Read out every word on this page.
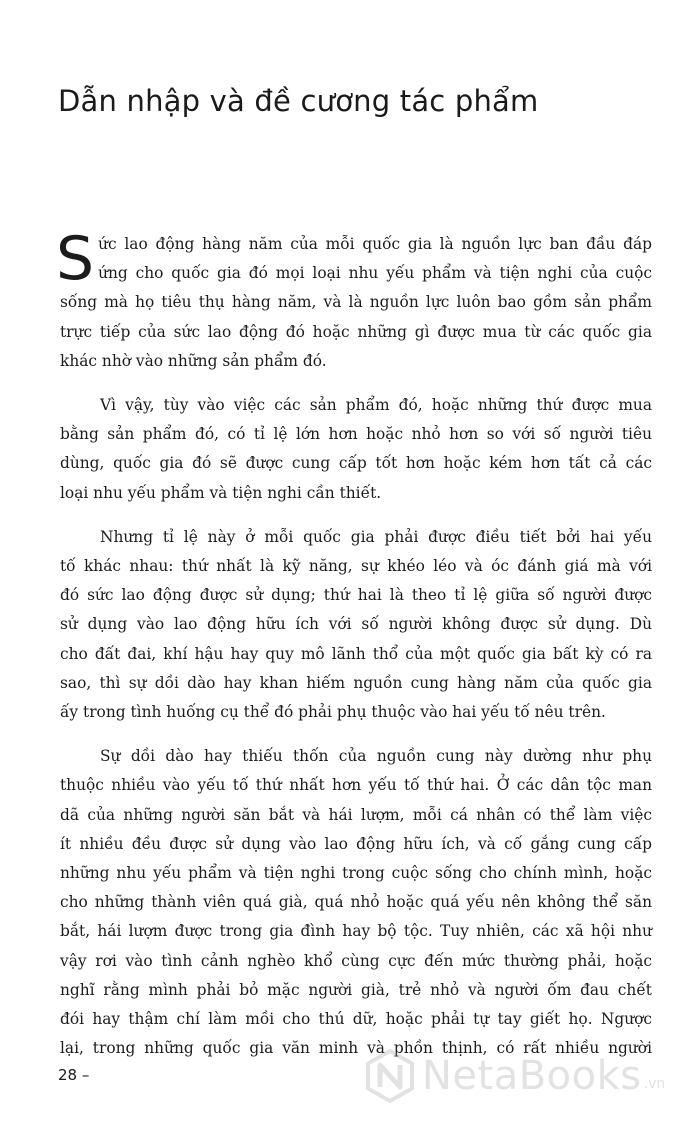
Dẫn nhập và đề cương tác phẩm

S ức lao động hàng năm của mỗi quốc gia là nguồn lực ban đầu đáp
ứng cho quốc gia đó mọi loại nhu yếu phẩm và tiện nghi của cuộc
sống mà họ tiêu thụ hàng năm, và là nguồn lực luôn bao gồm sản phẩm
trực tiếp của sức lao động đó hoặc những gì được mua từ các quốc gia
khác nhờ vào những sản phẩm đó.

Vì vậy, tùy vào việc các sản phẩm đó, hoặc những thứ được mua
bằng sản phẩm đó, có tỉ lệ lớn hơn hoặc nhỏ hơn so với số người tiêu
dùng, quốc gia đó sẽ được cung cấp tốt hơn hoặc kém hơn tất cả các
loại nhu yếu phẩm và tiện nghi cần thiết.

Nhưng tỉ lệ này ở mỗi quốc gia phải được điều tiết bởi hai yếu
tố khác nhau: thứ nhất là kỹ năng, sự khéo léo và óc đánh giá mà với
đó sức lao động được sử dụng; thứ hai là theo tỉ lệ giữa số người được
sử dụng vào lao động hữu ích với số người không được sử dụng. Dù
cho đất đai, khí hậu hay quy mô lãnh thổ của một quốc gia bất kỳ có ra
sao, thì sự dồi dào hay khan hiếm nguồn cung hàng năm của quốc gia
ấy trong tình huống cụ thể đó phải phụ thuộc vào hai yếu tố nêu trên.

Sự dồi dào hay thiếu thốn của nguồn cung này dường như phụ
thuộc nhiều vào yếu tố thứ nhất hơn yếu tố thứ hai. Ở các dân tộc man
dã của những người săn bắt và hái lượm, mỗi cá nhân có thể làm việc
ít nhiều đều được sử dụng vào lao động hữu ích, và cố gắng cung cấp
những nhu yếu phẩm và tiện nghi trong cuộc sống cho chính mình, hoặc
cho những thành viên quá già, quá nhỏ hoặc quá yếu nên không thể săn
bắt, hái lượm được trong gia đình hay bộ tộc. Tuy nhiên, các xã hội như
vậy rơi vào tình cảnh nghèo khổ cùng cực đến mức thường phải, hoặc
nghĩ rằng mình phải bỏ mặc người già, trẻ nhỏ và người ốm đau chết
đói hay thậm chí làm mồi cho thú dữ, hoặc phải tự tay giết họ. Ngược
lại, trong những quốc gia văn minh và phồn thịnh, có rất nhiều người

28 –	NetaBooks .vn
